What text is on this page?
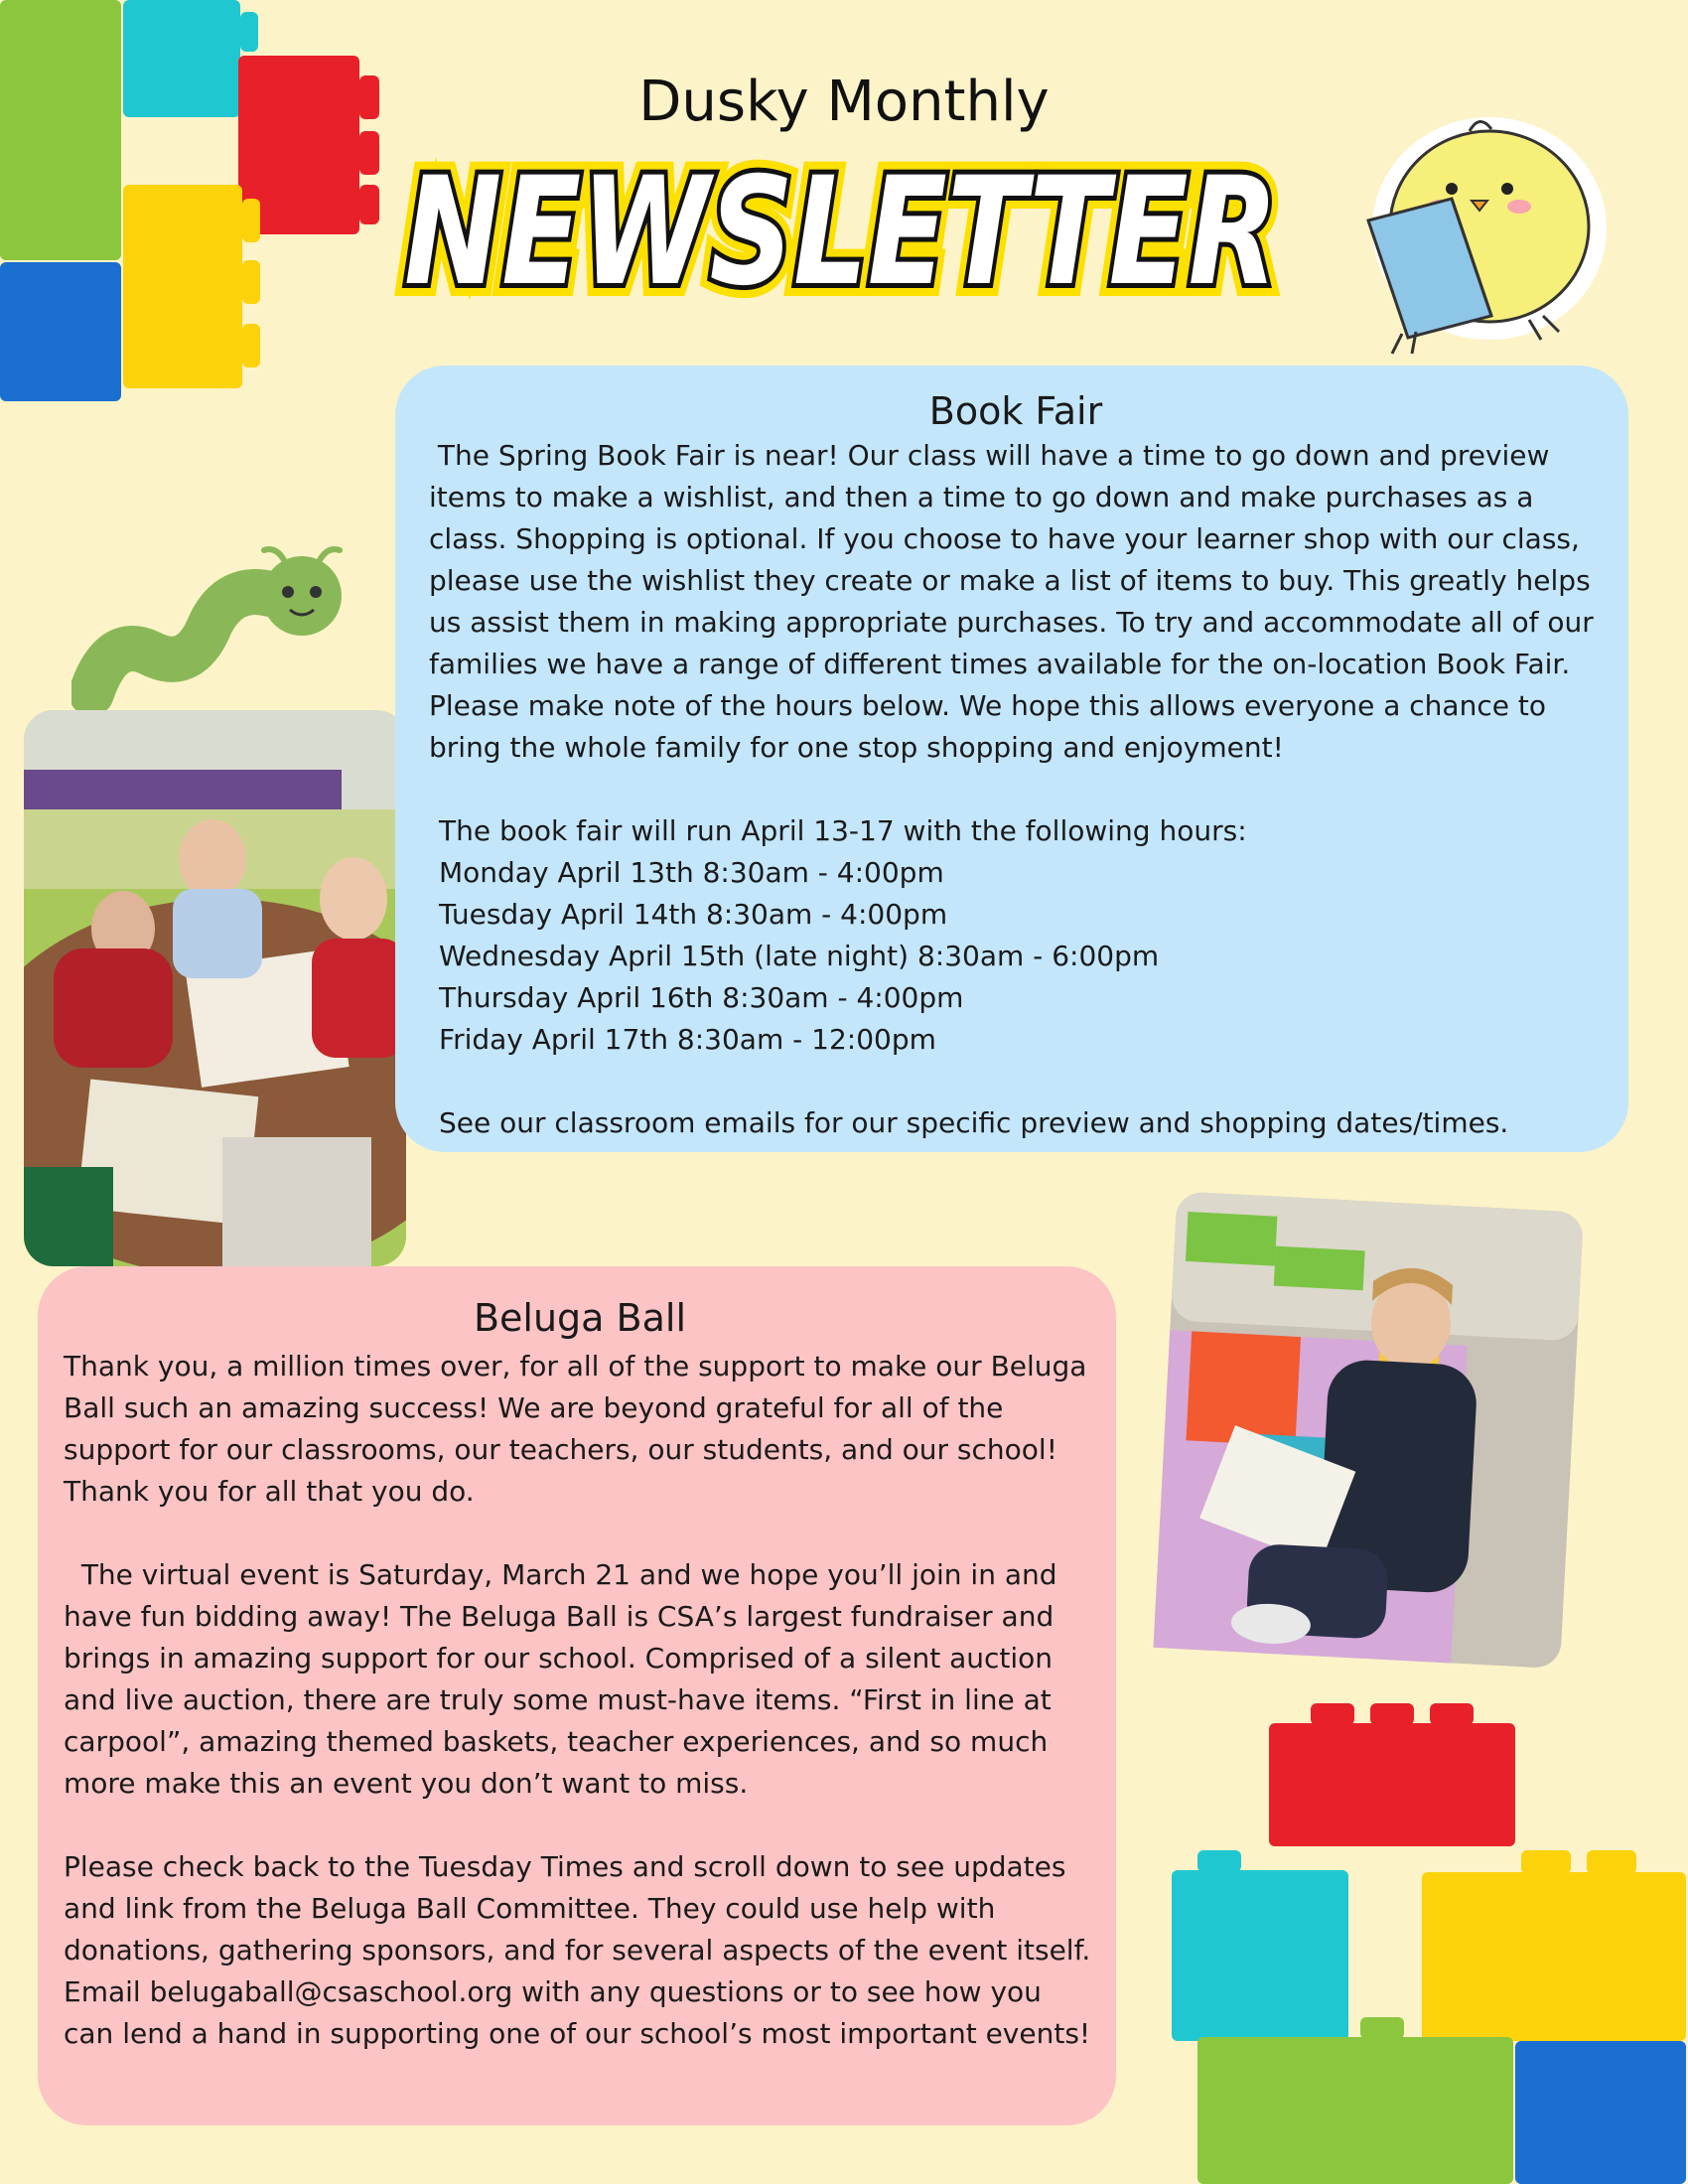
Dusky Monthly
NEWSLETTER
NEWSLETTER
Book Fair

The Spring Book Fair is near! Our class will have a time to go down and preview items to make a wishlist, and then a time to go down and make purchases as a class. Shopping is optional. If you choose to have your learner shop with our class, please use the wishlist they create or make a list of items to buy. This greatly helps us assist them in making appropriate purchases. To try and accommodate all of our families we have a range of different times available for the on-location Book Fair. Please make note of the hours below. We hope this allows everyone a chance to bring the whole family for one stop shopping and enjoyment!

The book fair will run April 13-17 with the following hours:

Monday April 13th 8:30am - 4:00pm

Tuesday April 14th 8:30am - 4:00pm

Wednesday April 15th (late night) 8:30am - 6:00pm

Thursday April 16th 8:30am - 4:00pm

Friday April 17th 8:30am - 12:00pm

See our classroom emails for our specific preview and shopping dates/times.

Beluga Ball

Thank you, a million times over, for all of the support to make our Beluga Ball such an amazing success! We are beyond grateful for all of the support for our classrooms, our teachers, our students, and our school! Thank you for all that you do.

The virtual event is Saturday, March 21 and we hope you’ll join in and have fun bidding away! The Beluga Ball is CSA’s largest fundraiser and brings in amazing support for our school. Comprised of a silent auction and live auction, there are truly some must-have items. “First in line at carpool”, amazing themed baskets, teacher experiences, and so much more make this an event you don’t want to miss.

Please check back to the Tuesday Times and scroll down to see updates and link from the Beluga Ball Committee. They could use help with donations, gathering sponsors, and for several aspects of the event itself. Email belugaball@csaschool.org with any questions or to see how you can lend a hand in supporting one of our school’s most important events!
